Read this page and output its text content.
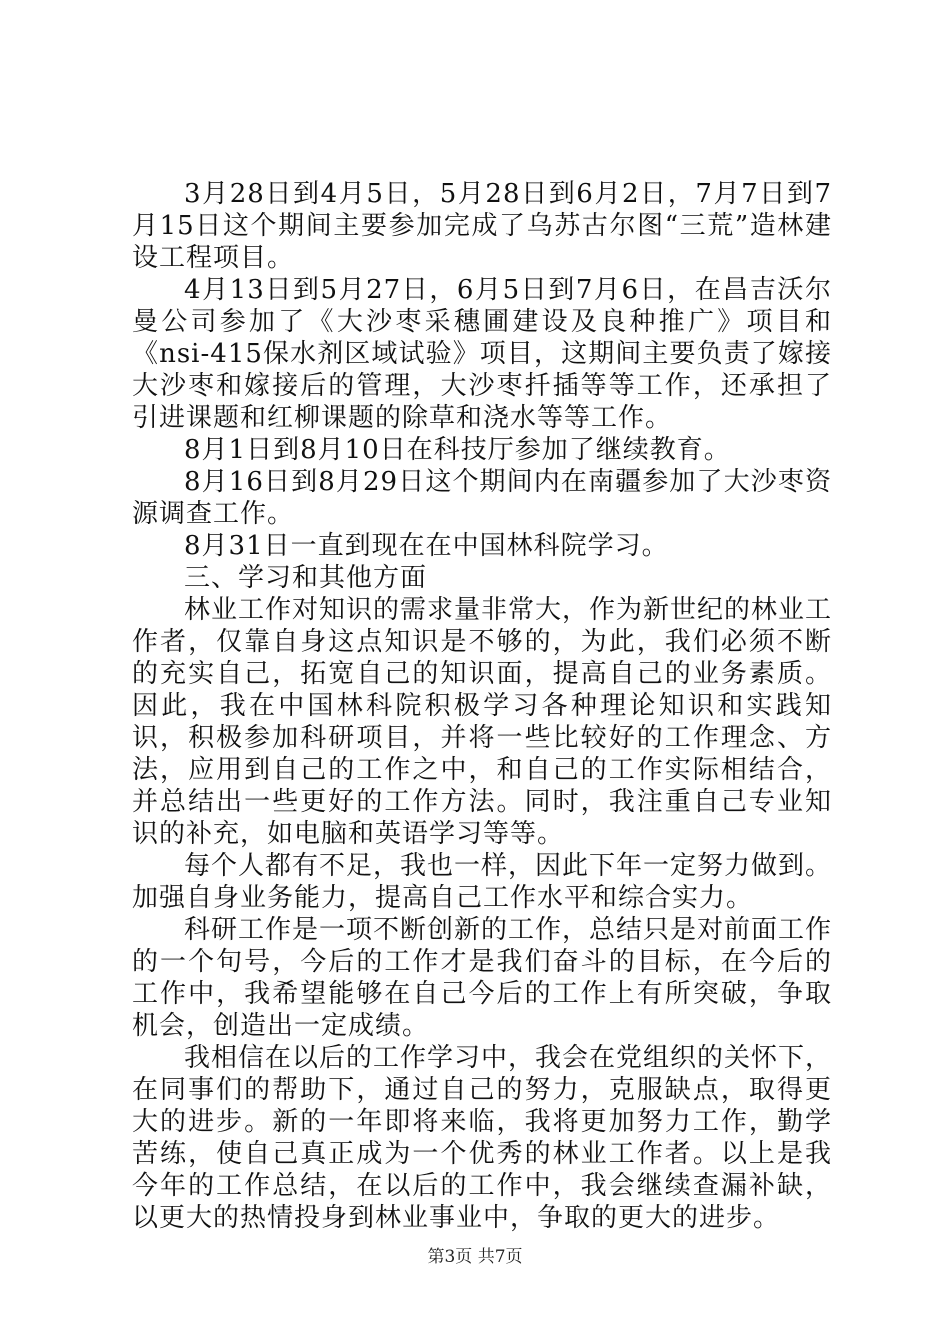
3月28日到4月5日，5月28日到6月2日，7月7日到7月15日这个期间主要参加完成了乌苏古尔图“三荒”造林建设工程项目。

4月13日到5月27日，6月5日到7月6日，在昌吉沃尔曼公司参加了《大沙枣采穗圃建设及良种推广》项目和《nsi-415保水剂区域试验》项目，这期间主要负责了嫁接大沙枣和嫁接后的管理，大沙枣扦插等等工作，还承担了引进课题和红柳课题的除草和浇水等等工作。

8月1日到8月10日在科技厅参加了继续教育。

8月16日到8月29日这个期间内在南疆参加了大沙枣资源调查工作。

8月31日一直到现在在中国林科院学习。

三、学习和其他方面

林业工作对知识的需求量非常大，作为新世纪的林业工作者，仅靠自身这点知识是不够的，为此，我们必须不断的充实自己，拓宽自己的知识面，提高自己的业务素质。因此，我在中国林科院积极学习各种理论知识和实践知识，积极参加科研项目，并将一些比较好的工作理念、方法，应用到自己的工作之中，和自己的工作实际相结合，并总结出一些更好的工作方法。同时，我注重自己专业知识的补充，如电脑和英语学习等等。

每个人都有不足，我也一样，因此下年一定努力做到。加强自身业务能力，提高自己工作水平和综合实力。

科研工作是一项不断创新的工作，总结只是对前面工作的一个句号，今后的工作才是我们奋斗的目标，在今后的工作中，我希望能够在自己今后的工作上有所突破，争取机会，创造出一定成绩。

我相信在以后的工作学习中，我会在党组织的关怀下，在同事们的帮助下，通过自己的努力，克服缺点，取得更大的进步。新的一年即将来临，我将更加努力工作，勤学苦练，使自己真正成为一个优秀的林业工作者。以上是我今年的工作总结，在以后的工作中，我会继续查漏补缺，以更大的热情投身到林业事业中，争取的更大的进步。

第3页 共7页
